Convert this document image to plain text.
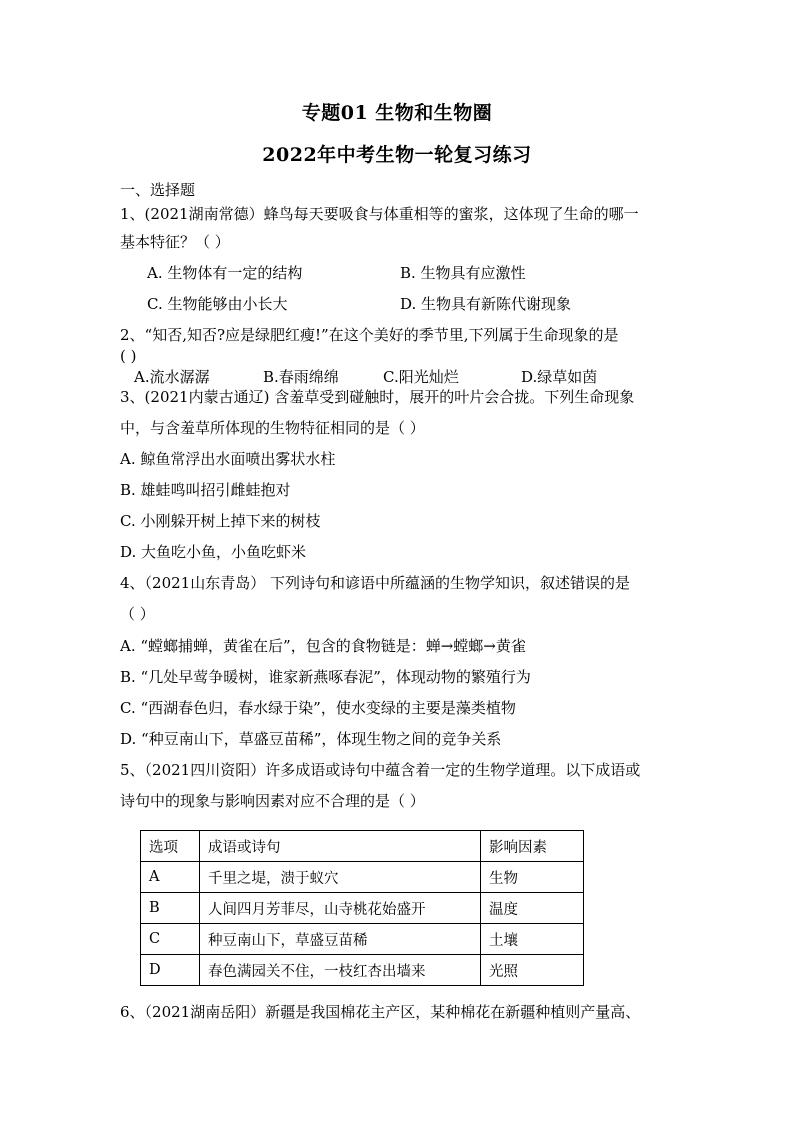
专题01 生物和生物圈
2022年中考生物一轮复习练习
一、选择题
1、(2021湖南常德）蜂鸟每天要吸食与体重相等的蜜浆，这体现了生命的哪一
基本特征？（ ）
A. 生物体有一定的结构	B. 生物具有应激性
C. 生物能够由小长大	D. 生物具有新陈代谢现象
2、“知否,知否?应是绿肥红瘦!”在这个美好的季节里,下列属于生命现象的是
( )
A.流水潺潺	B.春雨绵绵	C.阳光灿烂	D.绿草如茵
3、(2021内蒙古通辽) 含羞草受到碰触时，展开的叶片会合拢。下列生命现象
中，与含羞草所体现的生物特征相同的是（ ）
A. 鲸鱼常浮出水面喷出雾状水柱
B. 雄蛙鸣叫招引雌蛙抱对
C. 小刚躲开树上掉下来的树枝
D. 大鱼吃小鱼，小鱼吃虾米
4、（2021山东青岛） 下列诗句和谚语中所蕴涵的生物学知识，叙述错误的是
（ ）
A. “螳螂捕蝉，黄雀在后”，包含的食物链是：蝉→螳螂→黄雀
B. “几处早莺争暖树，谁家新燕啄春泥”，体现动物的繁殖行为
C. “西湖春色归，春水绿于染”，使水变绿的主要是藻类植物
D. “种豆南山下，草盛豆苗稀”，体现生物之间的竞争关系
5、（2021四川资阳）许多成语或诗句中蕴含着一定的生物学道理。以下成语或
诗句中的现象与影响因素对应不合理的是（ ）
选项	成语或诗句	影响因素
A	千里之堤，溃于蚁穴	生物
B	人间四月芳菲尽，山寺桃花始盛开	温度
C	种豆南山下，草盛豆苗稀	土壤
D	春色满园关不住，一枝红杏出墙来	光照
6、（2021湖南岳阳）新疆是我国棉花主产区，某种棉花在新疆种植则产量高、
